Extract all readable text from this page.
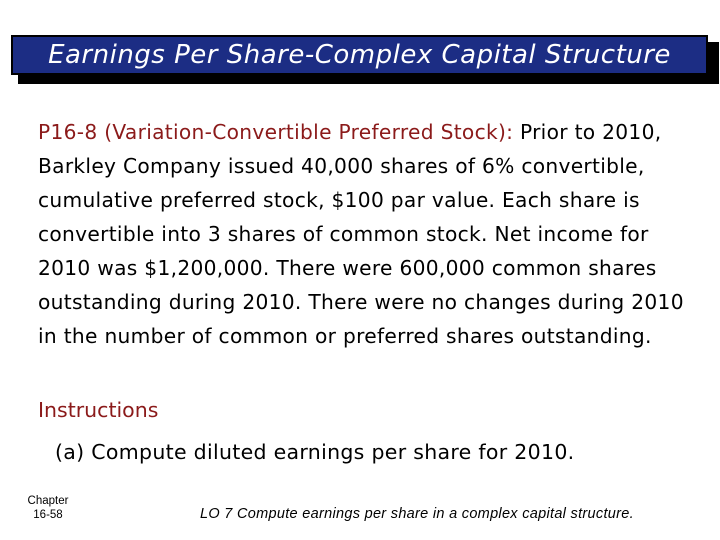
Earnings Per Share-Complex Capital Structure
P16-8 (Variation-Convertible Preferred Stock): Prior to 2010, Barkley Company issued 40,000 shares of 6% convertible, cumulative preferred stock, $100 par value. Each share is convertible into 3 shares of common stock. Net income for 2010 was $1,200,000. There were 600,000 common shares outstanding during 2010. There were no changes during 2010 in the number of common or preferred shares outstanding.
Instructions
(a) Compute diluted earnings per share for 2010.
Chapter
16-58	LO 7 Compute earnings per share in a complex capital structure.
